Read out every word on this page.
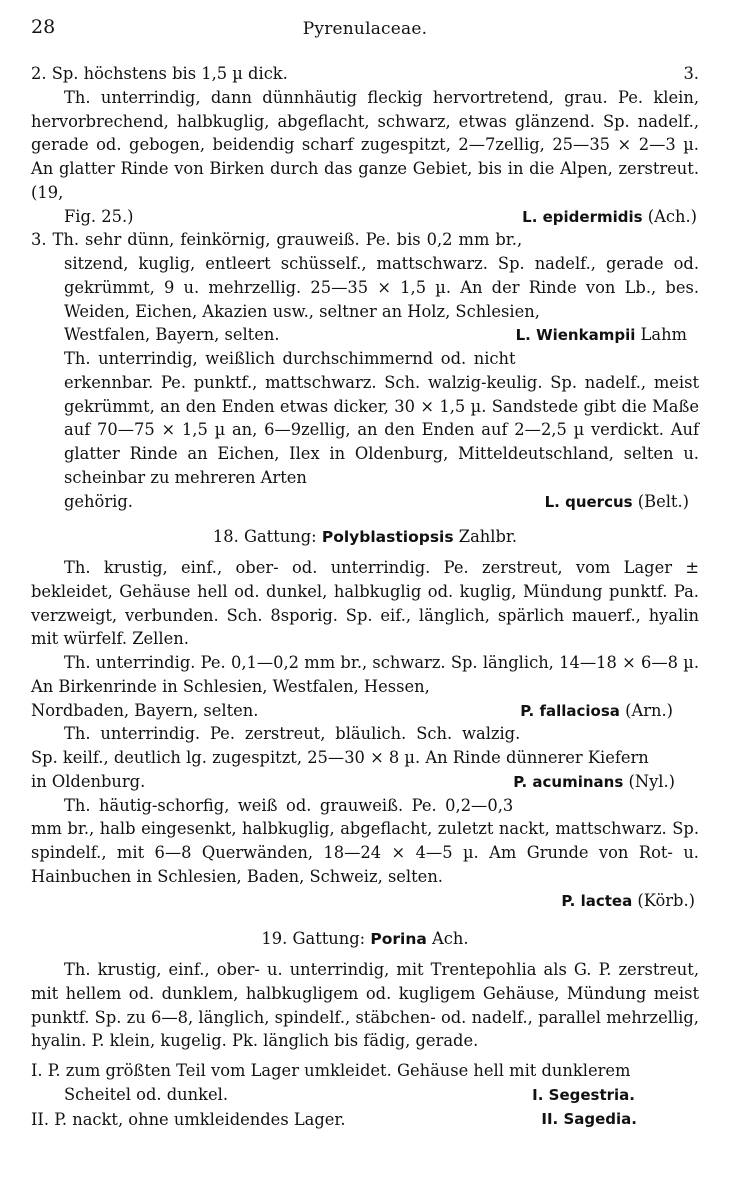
28	Pyrenulaceae.

2. Sp. höchstens bis 1,5 µ dick.	3.

Th. unterrindig, dann dünnhäutig fleckig hervortretend, grau. Pe. klein, hervorbrechend, halbkuglig, abgeflacht, schwarz, etwas glänzend. Sp. nadelf., gerade od. gebogen, beidendig scharf zugespitzt, 2—7zellig, 25—35 × 2—3 µ. An glatter Rinde von Birken durch das ganze Gebiet, bis in die Alpen, zerstreut. (19,

Fig. 25.)	L. epidermidis (Ach.)

3. Th. sehr dünn, feinkörnig, grauweiß. Pe. bis 0,2 mm br., sitzend, kuglig, entleert schüsself., mattschwarz. Sp. nadelf., gerade od. gekrümmt, 9 u. mehrzellig. 25—35 × 1,5 µ. An der Rinde von Lb., bes. Weiden, Eichen, Akazien usw., seltner an Holz, Schlesien,

Westfalen, Bayern, selten.	L. Wienkampii Lahm

Th. unterrindig, weißlich durchschimmernd od. nicht erkennbar. Pe. punktf., mattschwarz. Sch. walzig-keulig. Sp. nadelf., meist gekrümmt, an den Enden etwas dicker, 30 × 1,5 µ. Sandstede gibt die Maße auf 70—75 × 1,5 µ an, 6—9zellig, an den Enden auf 2—2,5 µ verdickt. Auf glatter Rinde an Eichen, Ilex in Oldenburg, Mitteldeutschland, selten u. scheinbar zu mehreren Arten

gehörig.	L. quercus (Belt.)

18. Gattung: Polyblastiopsis Zahlbr.

Th. krustig, einf., ober- od. unterrindig. Pe. zerstreut, vom Lager ± bekleidet, Gehäuse hell od. dunkel, halbkuglig od. kuglig, Mündung punktf. Pa. verzweigt, verbunden. Sch. 8sporig. Sp. eif., länglich, spärlich mauerf., hyalin mit würfelf. Zellen.

Th. unterrindig. Pe. 0,1—0,2 mm br., schwarz. Sp. länglich, 14—18 × 6—8 µ. An Birkenrinde in Schlesien, Westfalen, Hessen,

Nordbaden, Bayern, selten.	P. fallaciosa (Arn.)

Th. unterrindig. Pe. zerstreut, bläulich. Sch. walzig. Sp. keilf., deutlich lg. zugespitzt, 25—30 × 8 µ. An Rinde dünnerer Kiefern

in Oldenburg.	P. acuminans (Nyl.)

Th. häutig-schorfig, weiß od. grauweiß. Pe. 0,2—0,3 mm br., halb eingesenkt, halbkuglig, abgeflacht, zuletzt nackt, mattschwarz. Sp. spindelf., mit 6—8 Querwänden, 18—24 × 4—5 µ. Am Grunde von Rot- u. Hainbuchen in Schlesien, Baden, Schweiz, selten.

P. lactea (Körb.)

19. Gattung: Porina Ach.

Th. krustig, einf., ober- u. unterrindig, mit Trentepohlia als G. P. zerstreut, mit hellem od. dunklem, halbkugligem od. kugligem Gehäuse, Mündung meist punktf. Sp. zu 6—8, länglich, spindelf., stäbchen- od. nadelf., parallel mehrzellig, hyalin. P. klein, kugelig. Pk. länglich bis fädig, gerade.

I. P. zum größten Teil vom Lager umkleidet. Gehäuse hell mit dunklerem Scheitel od. dunkel.	I. Segestria.

II. P. nackt, ohne umkleidendes Lager.	II. Sagedia.
